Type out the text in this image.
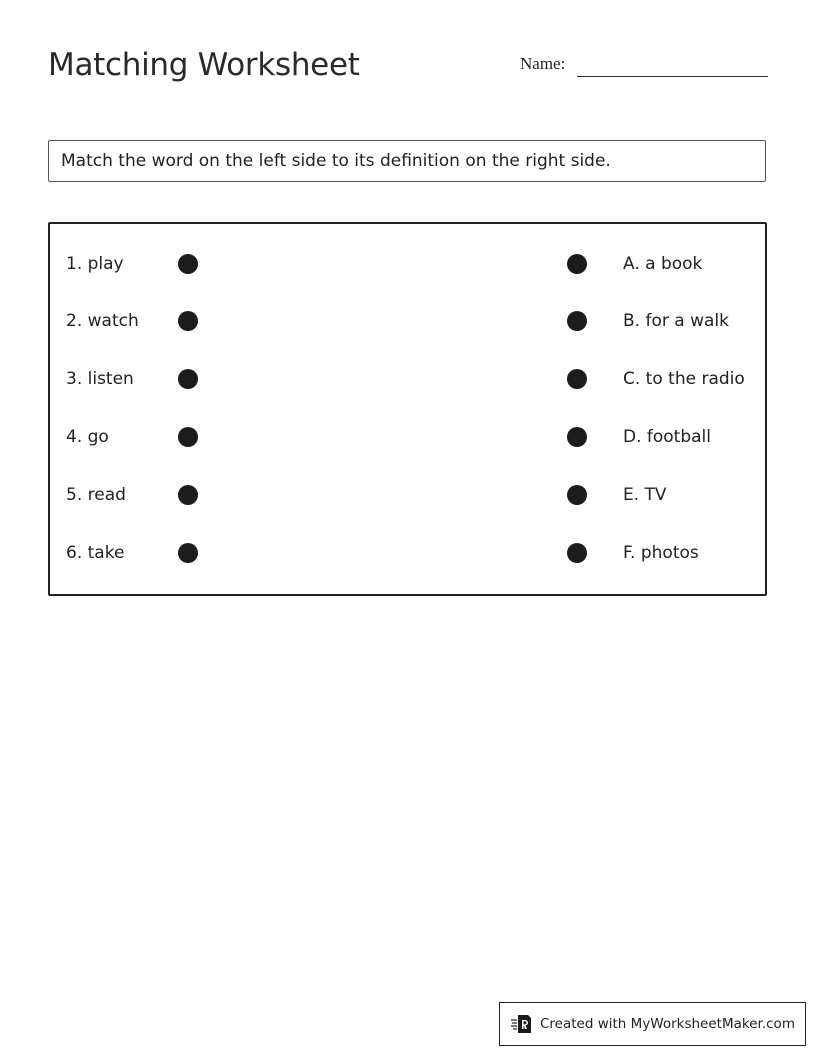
Matching Worksheet	Name:
Match the word on the left side to its definition on the right side.
1. play	A. a book
2. watch	B. for a walk
3. listen	C. to the radio
4. go	D. football
5. read	E. TV
6. take	F. photos
Created with MyWorksheetMaker.com
